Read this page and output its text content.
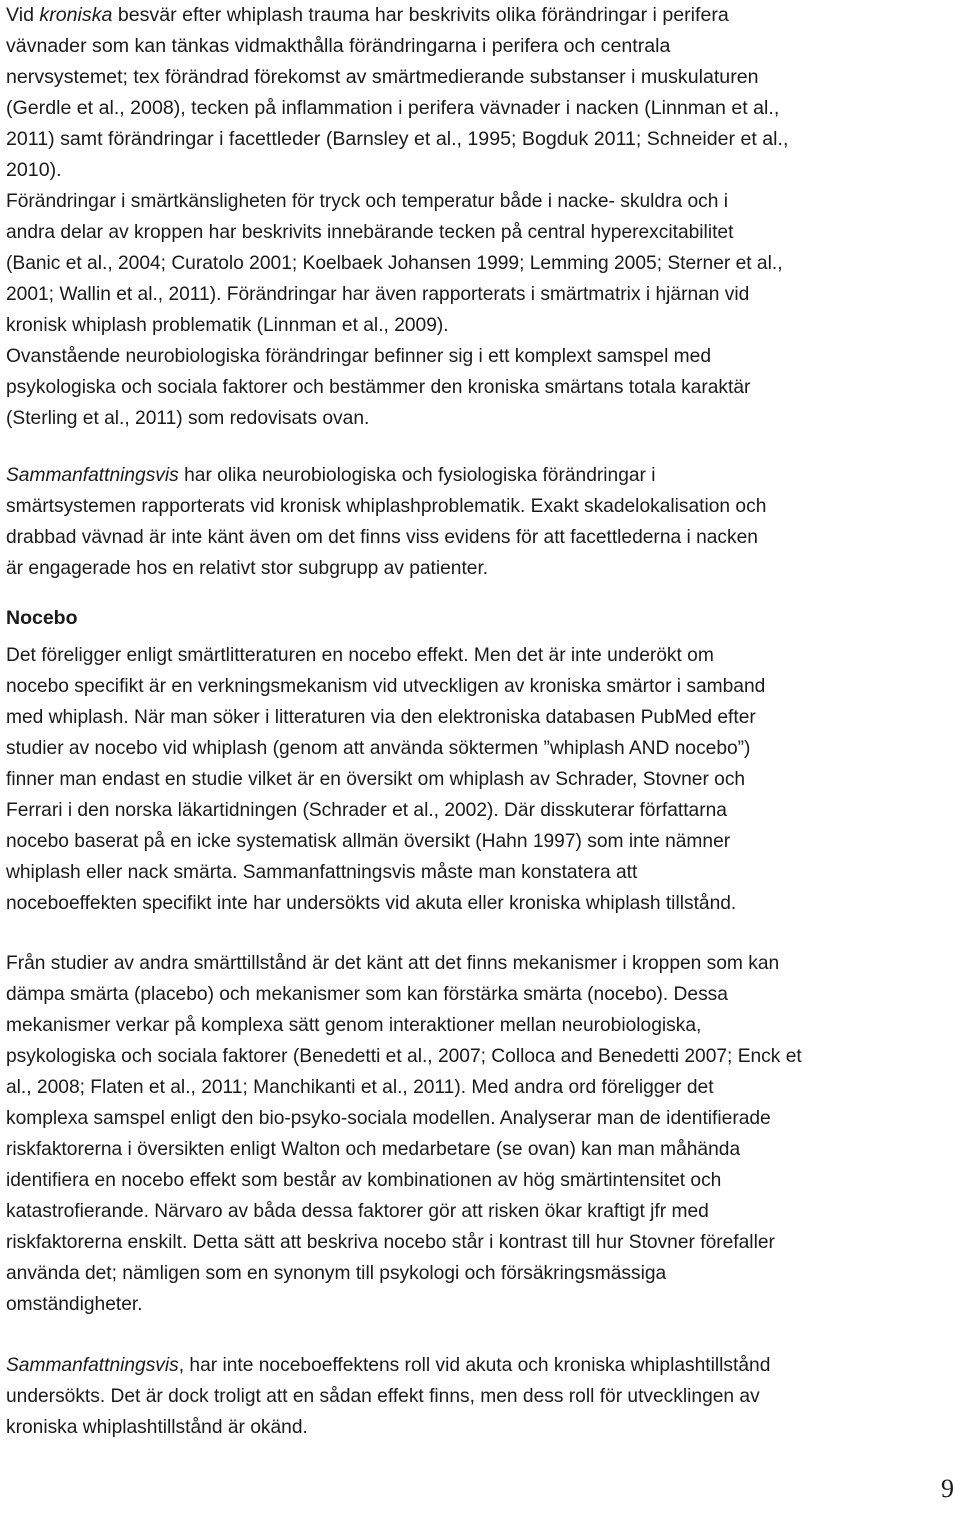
Vid kroniska besvär efter whiplash trauma har beskrivits olika förändringar i perifera
vävnader som kan tänkas vidmakthålla förändringarna i perifera och centrala
nervsystemet; tex förändrad förekomst av smärtmedierande substanser i muskulaturen
(Gerdle et al., 2008), tecken på inflammation i perifera vävnader i nacken (Linnman et al.,
2011) samt förändringar i facettleder (Barnsley et al., 1995; Bogduk 2011; Schneider et al.,
2010).
Förändringar i smärtkänsligheten för tryck och temperatur både i nacke- skuldra och i
andra delar av kroppen har beskrivits innebärande tecken på central hyperexcitabilitet
(Banic et al., 2004; Curatolo 2001; Koelbaek Johansen 1999; Lemming 2005; Sterner et al.,
2001; Wallin et al., 2011). Förändringar har även rapporterats i smärtmatrix i hjärnan vid
kronisk whiplash problematik (Linnman et al., 2009).
Ovanstående neurobiologiska förändringar befinner sig i ett komplext samspel med
psykologiska och sociala faktorer och bestämmer den kroniska smärtans totala karaktär
(Sterling et al., 2011) som redovisats ovan.
Sammanfattningsvis har olika neurobiologiska och fysiologiska förändringar i
smärtsystemen rapporterats vid kronisk whiplashproblematik. Exakt skadelokalisation och
drabbad vävnad är inte känt även om det finns viss evidens för att facettlederna i nacken
är engagerade hos en relativt stor subgrupp av patienter.
Nocebo
Det föreligger enligt smärtlitteraturen en nocebo effekt. Men det är inte underökt om
nocebo specifikt är en verkningsmekanism vid utveckligen av kroniska smärtor i samband
med whiplash. När man söker i litteraturen via den elektroniska databasen PubMed efter
studier av nocebo vid whiplash (genom att använda söktermen ”whiplash AND nocebo”)
finner man endast en studie vilket är en översikt om whiplash av Schrader, Stovner och
Ferrari i den norska läkartidningen (Schrader et al., 2002). Där disskuterar författarna
nocebo baserat på en icke systematisk allmän översikt (Hahn 1997) som inte nämner
whiplash eller nack smärta. Sammanfattningsvis måste man konstatera att
noceboeffekten specifikt inte har undersökts vid akuta eller kroniska whiplash tillstånd.
Från studier av andra smärttillstånd är det känt att det finns mekanismer i kroppen som kan
dämpa smärta (placebo) och mekanismer som kan förstärka smärta (nocebo). Dessa
mekanismer verkar på komplexa sätt genom interaktioner mellan neurobiologiska,
psykologiska och sociala faktorer (Benedetti et al., 2007; Colloca and Benedetti 2007; Enck et
al., 2008; Flaten et al., 2011; Manchikanti et al., 2011). Med andra ord föreligger det
komplexa samspel enligt den bio-psyko-sociala modellen. Analyserar man de identifierade
riskfaktorerna i översikten enligt Walton och medarbetare (se ovan) kan man måhända
identifiera en nocebo effekt som består av kombinationen av hög smärtintensitet och
katastrofierande. Närvaro av båda dessa faktorer gör att risken ökar kraftigt jfr med
riskfaktorerna enskilt. Detta sätt att beskriva nocebo står i kontrast till hur Stovner förefaller
använda det; nämligen som en synonym till psykologi och försäkringsmässiga
omständigheter.
Sammanfattningsvis, har inte noceboeffektens roll vid akuta och kroniska whiplashtillstånd
undersökts. Det är dock troligt att en sådan effekt finns, men dess roll för utvecklingen av
kroniska whiplashtillstånd är okänd.
9
